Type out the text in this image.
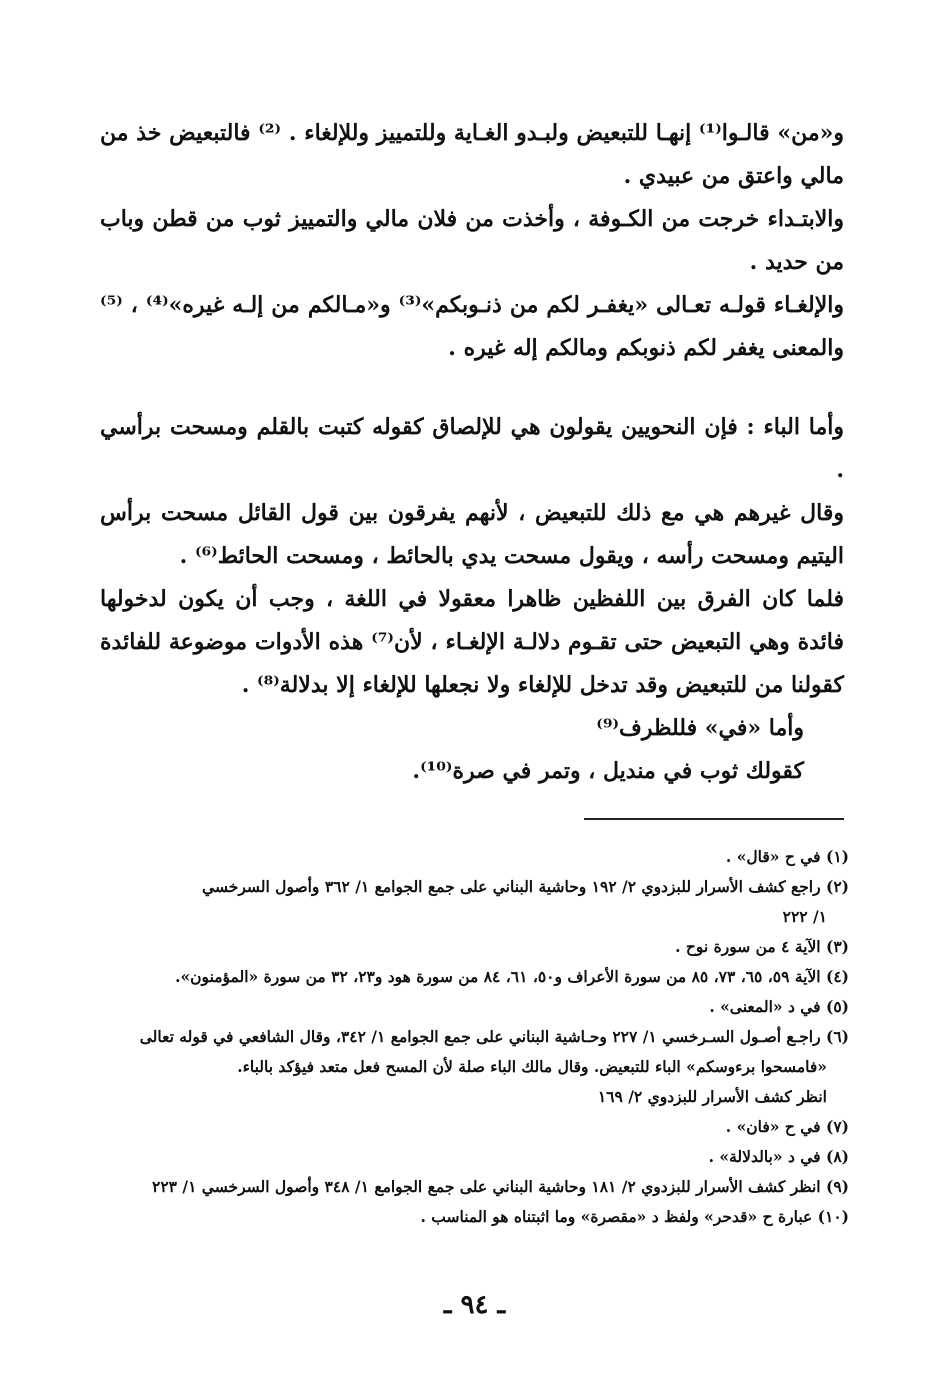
و«من» قالـوا⁽¹⁾ إنهـا للتبعيض ولبـدو الغـاية وللتمييز وللإلغاء . ⁽²⁾ فالتبعيض خذ من مالي واعتق من عبيدي .

والابتـداء خرجت من الكـوفة ، وأخذت من فلان مالي والتمييز ثوب من قطن وباب من حديد .

والإلغـاء قولـه تعـالى «يغفـر لكم من ذنـوبكم»⁽³⁾ و«مـالكم من إلـه غيره»⁽⁴⁾ ، ⁽⁵⁾والمعنى يغفر لكم ذنوبكم ومالكم إله غيره .

وأما الباء : فإن النحويين يقولون هي للإلصاق كقوله كتبت بالقلم ومسحت برأسي .

وقال غيرهم هي مع ذلك للتبعيض ، لأنهم يفرقون بين قول القائل مسحت برأس اليتيم ومسحت رأسه ، ويقول مسحت يدي بالحائط ، ومسحت الحائط⁽⁶⁾ .

فلما كان الفرق بين اللفظين ظاهرا معقولا في اللغة ، وجب أن يكون لدخولها فائدة وهي التبعيض حتى تقـوم دلالـة الإلغـاء ، لأن⁽⁷⁾ هذه الأدوات موضوعة للفائدة كقولنا من للتبعيض وقد تدخل للإلغاء ولا نجعلها للإلغاء إلا بدلالة⁽⁸⁾ .

وأما «في» فللظرف⁽⁹⁾

كقولك ثوب في منديل ، وتمر في صرة⁽¹⁰⁾.

(١) في ح «قال» .

(٢) راجع كشف الأسرار للبزدوي ٢/ ١٩٢ وحاشية البناني على جمع الجوامع ١/ ٣٦٢ وأصول السرخسي

١/ ٢٢٢

(٣) الآية ٤ من سورة نوح .

(٤) الآية ٥٩، ٦٥، ٧٣، ٨٥ من سورة الأعراف و٥٠، ٦١، ٨٤ من سورة هود و٢٣، ٣٢ من سورة «المؤمنون».

(٥) في د «المعنى» .

(٦) راجـع أصـول السـرخسي ١/ ٢٢٧ وحـاشية البناني على جمع الجوامع ١/ ٣٤٢، وقال الشافعي في قوله تعالى

«فامسحوا برءوسكم» الباء للتبعيض. وقال مالك الباء صلة لأن المسح فعل متعد فيؤكد بالباء.

انظر كشف الأسرار للبزدوي ٢/ ١٦٩

(٧) في ح «فان» .

(٨) في د «بالدلالة» .

(٩) انظر كشف الأسرار للبزدوي ٢/ ١٨١ وحاشية البناني على جمع الجوامع ١/ ٣٤٨ وأصول السرخسي ١/ ٢٢٣

(١٠) عبارة ح «قدحر» ولفظ د «مقصرة» وما اثبتناه هو المناسب .

ـ ٩٤ ـ
